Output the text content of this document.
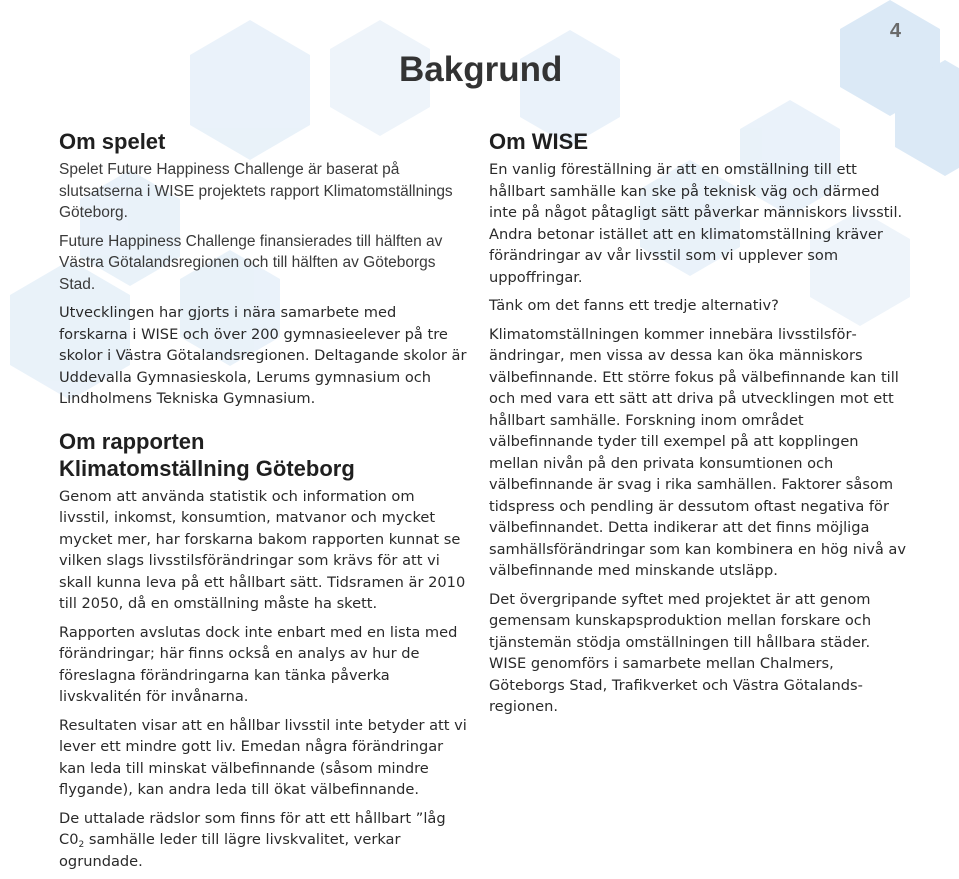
4
Bakgrund
Om spelet

Spelet Future Happiness Challenge är baserat på slutsatserna i WISE projektets rapport Klimatomställnings Göteborg.

Future Happiness Challenge finansierades till hälften av Västra Götalandsregionen och till hälften av Göteborgs Stad.

Utvecklingen har gjorts i nära samarbete med forskarna i WISE och över 200 gymnasieelever på tre skolor i Västra Götalandsregionen. Deltagande skolor är Uddevalla Gymnasieskola, Lerums gymnasium och Lindholmens Tekniska Gymnasium.

Om rapporten
Klimatomställning Göteborg

Genom att använda statistik och information om livsstil, inkomst, konsumtion, matvanor och mycket mycket mer, har forskarna bakom rapporten kunnat se vilken slags livsstilsförändringar som krävs för att vi skall kunna leva på ett hållbart sätt. Tidsramen är 2010 till 2050, då en omställning måste ha skett.

Rapporten avslutas dock inte enbart med en lista med förändringar; här finns också en analys av hur de föreslagna förändringarna kan tänka påverka livskvalitén för invånarna.

Resultaten visar att en hållbar livsstil inte betyder att vi lever ett mindre gott liv. Emedan några förändringar kan leda till minskat välbefinnande (såsom mindre flygande), kan andra leda till ökat välbefinnande.

De uttalade rädslor som finns för att ett hållbart ”låg $C0_2$ samhälle leder till lägre livskvalitet, verkar ogrundade.

Om WISE

En vanlig föreställning är att en omställning till ett hållbart samhälle kan ske på teknisk väg och därmed inte på något påtagligt sätt påverkar människors livsstil. Andra betonar istället att en klimatomställning kräver förändringar av vår livsstil som vi upplever som uppoffringar.

Tänk om det fanns ett tredje alternativ?

Klimatomställningen kommer innebära livsstilsförändringar, men vissa av dessa kan öka människors välbefinnande. Ett större fokus på välbefinnande kan till och med vara ett sätt att driva på utvecklingen mot ett hållbart samhälle. Forskning inom området välbefinnande tyder till exempel på att kopplingen mellan nivån på den privata konsumtionen och välbefinnande är svag i rika samhällen. Faktorer såsom tidspress och pendling är dessutom oftast negativa för välbefinnandet. Detta indikerar att det finns möjliga samhällsförändringar som kan kombinera en hög nivå av välbefinnande med minskande utsläpp.

Det övergripande syftet med projektet är att genom gemensam kunskapsproduktion mellan forskare och tjänstemän stödja omställningen till hållbara städer. WISE genomförs i samarbete mellan Chalmers, Göteborgs Stad, Trafikverket och Västra Götalandsregionen.
